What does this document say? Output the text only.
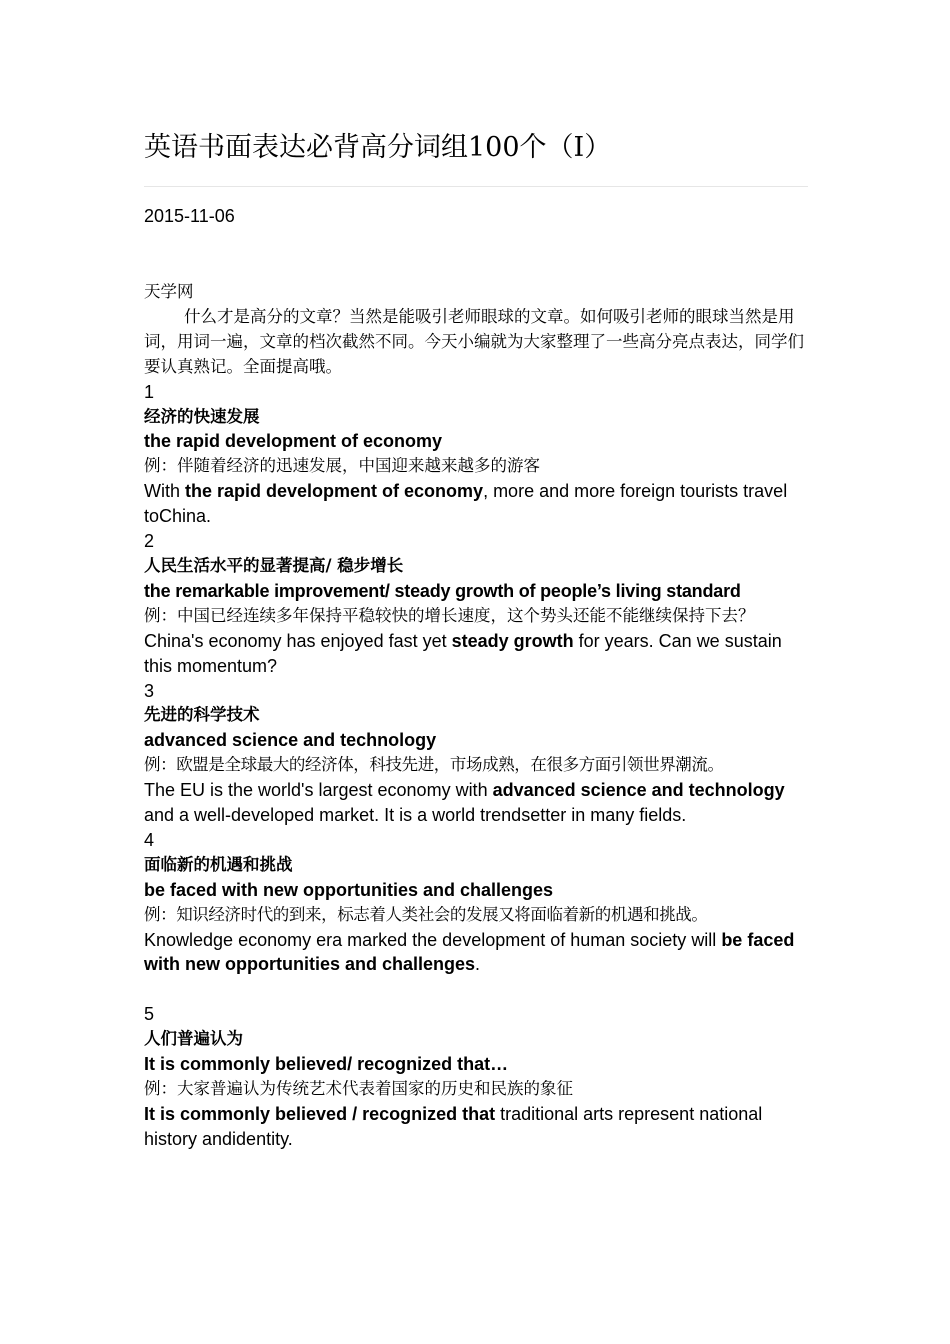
英语书面表达必背高分词组100个（Ⅰ）
2015-11-06
天学网
什么才是高分的文章？当然是能吸引老师眼球的文章。如何吸引老师的眼球当然是用词，用词一遍，文章的档次截然不同。今天小编就为大家整理了一些高分亮点表达，同学们要认真熟记。全面提高哦。
1
经济的快速发展
the rapid development of economy
例：伴随着经济的迅速发展，中国迎来越来越多的游客
With the rapid development of economy, more and more foreign tourists travel toChina.
2
人民生活水平的显著提高/ 稳步增长
the remarkable improvement/ steady growth of people’s living standard
例：中国已经连续多年保持平稳较快的增长速度，这个势头还能不能继续保持下去？
China's economy has enjoyed fast yet steady growth for years. Can we sustain this momentum?
3
先进的科学技术
advanced science and technology
例：欧盟是全球最大的经济体，科技先进，市场成熟，在很多方面引领世界潮流。
The EU is the world's largest economy with advanced science and technology and a well-developed market. It is a world trendsetter in many fields.
4
面临新的机遇和挑战
be faced with new opportunities and challenges
例：知识经济时代的到来，标志着人类社会的发展又将面临着新的机遇和挑战。
Knowledge economy era marked the development of human society will be faced with new opportunities and challenges.
5
人们普遍认为
It is commonly believed/ recognized that…
例：大家普遍认为传统艺术代表着国家的历史和民族的象征
It is commonly believed / recognized that traditional arts represent national history andidentity.
